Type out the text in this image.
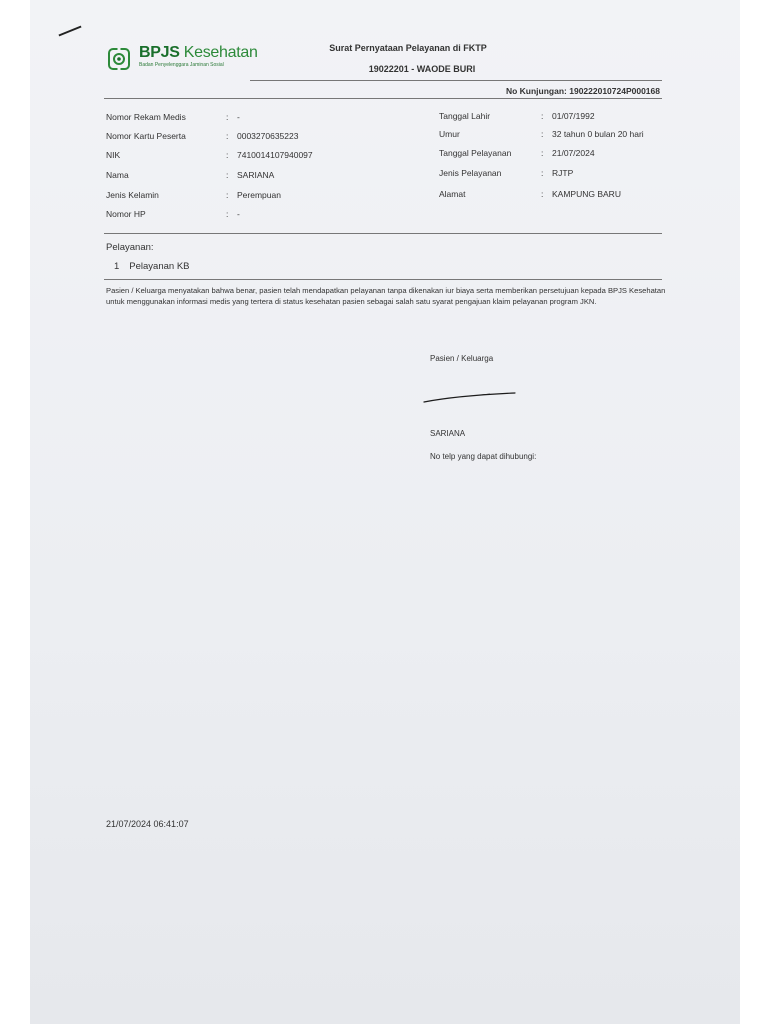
BPJS Kesehatan
Badan Penyelenggara Jaminan Sosial
Surat Pernyataan Pelayanan di FKTP
19022201 - WAODE BURI
No Kunjungan: 190222010724P000168
Nomor Rekam Medis	: -
Nomor Kartu Peserta	: 0003270635223
NIK	: 7410014107940097
Nama	: SARIANA
Jenis Kelamin	: Perempuan
Nomor HP	: -
Tanggal Lahir	: 01/07/1992
Umur	: 32 tahun 0 bulan 20 hari
Tanggal Pelayanan	: 21/07/2024
Jenis Pelayanan	: RJTP
Alamat	: KAMPUNG BARU
Pelayanan:
1 Pelayanan KB
Pasien / Keluarga menyatakan bahwa benar, pasien telah mendapatkan pelayanan tanpa dikenakan iur biaya serta memberikan persetujuan kepada BPJS Kesehatan untuk menggunakan informasi medis yang tertera di status kesehatan pasien sebagai salah satu syarat pengajuan klaim pelayanan program JKN.
Pasien / Keluarga
SARIANA
No telp yang dapat dihubungi:
21/07/2024 06:41:07
